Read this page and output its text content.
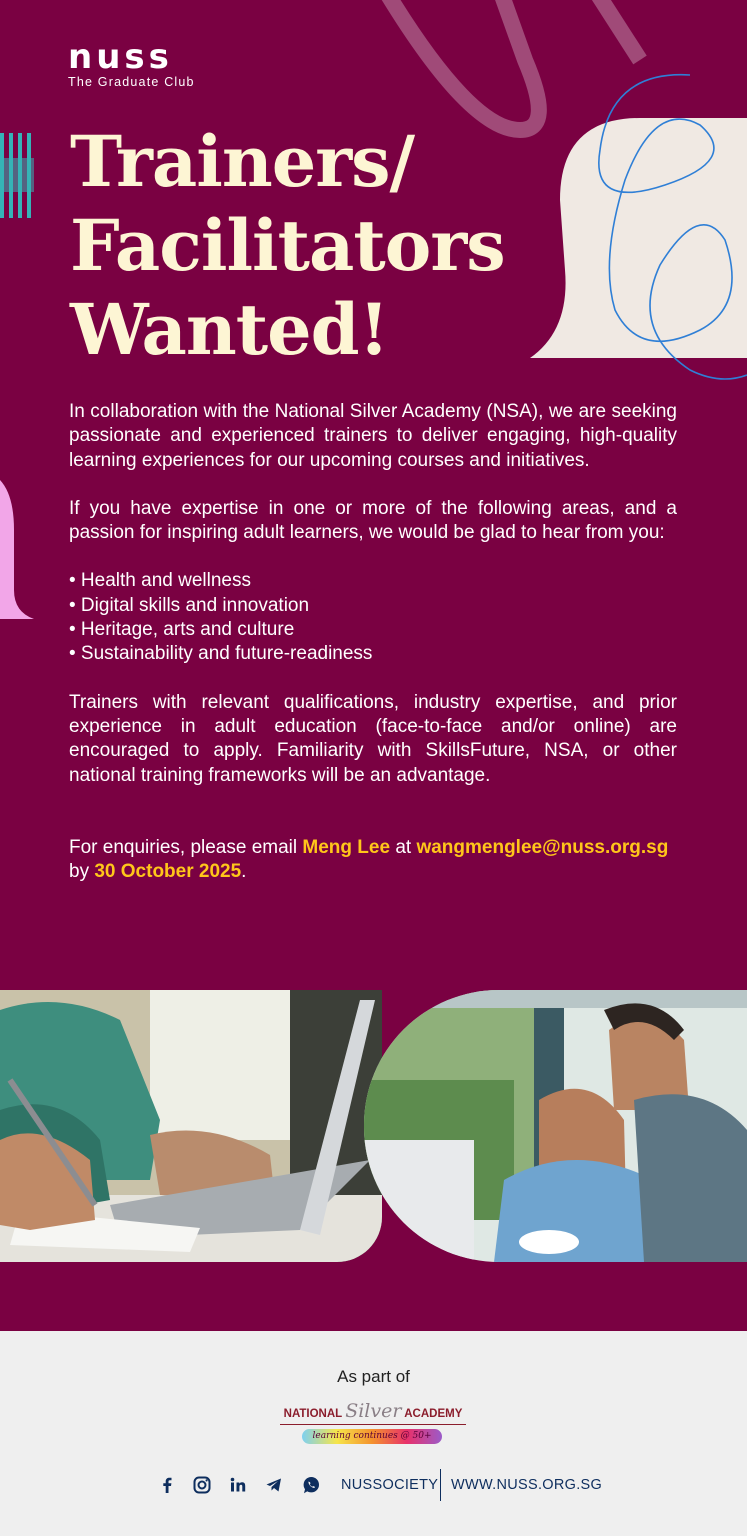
nuss
The Graduate Club
Trainers/
Facilitators
Wanted!

In collaboration with the National Silver Academy (NSA), we are seeking passionate and experienced trainers to deliver engaging, high-quality learning experiences for our upcoming courses and initiatives.

If you have expertise in one or more of the following areas, and a passion for inspiring adult learners, we would be glad to hear from you:

• Health and wellness
• Digital skills and innovation
• Heritage, arts and culture
• Sustainability and future-readiness

Trainers with relevant qualifications, industry expertise, and prior experience in adult education (face-to-face and/or online) are encouraged to apply. Familiarity with SkillsFuture, NSA, or other national training frameworks will be an advantage.

For enquiries, please email Meng Lee at wangmenglee@nuss.org.sg
by 30 October 2025.

As part of
NATIONAL Silver ACADEMY
learning continues @ 50+
NUSSOCIETY WWW.NUSS.ORG.SG
